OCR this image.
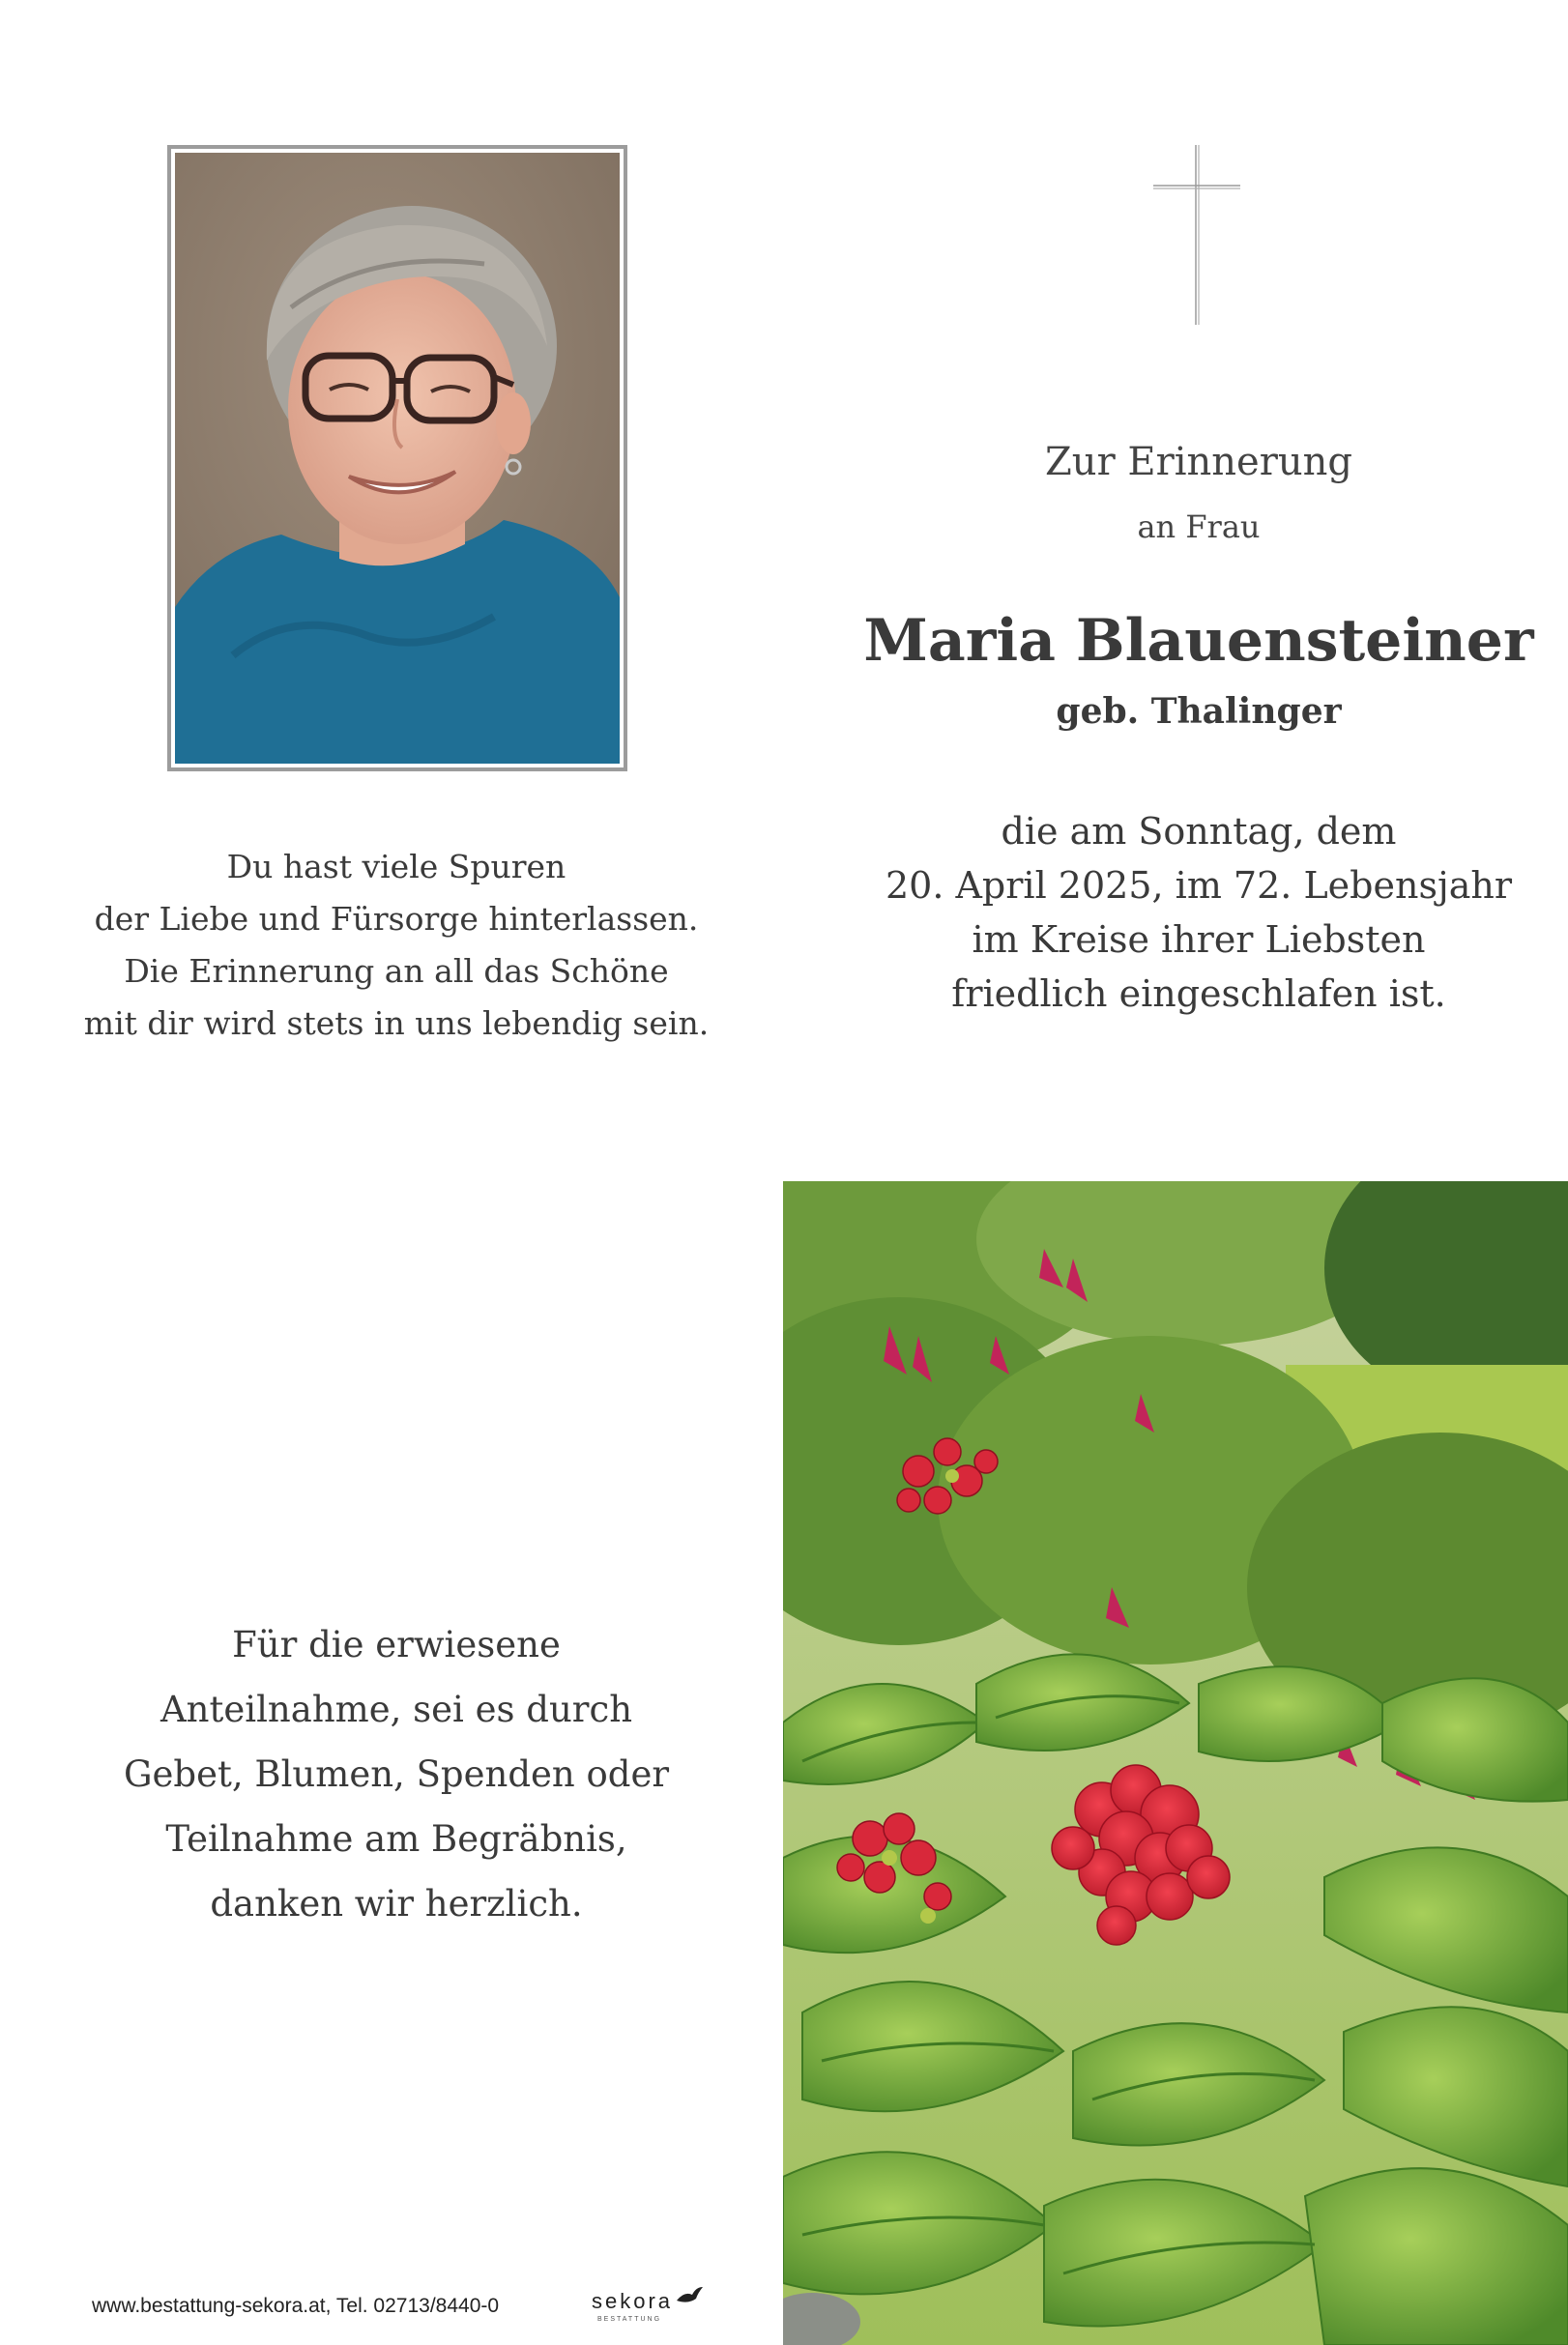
Zur Erinnerung
an Frau
Maria Blauensteiner
geb. Thalinger
die am Sonntag, dem
20. April 2025, im 72. Lebensjahr
im Kreise ihrer Liebsten
friedlich eingeschlafen ist.
Du hast viele Spuren
der Liebe und Fürsorge hinterlassen.
Die Erinnerung an all das Schöne
mit dir wird stets in uns lebendig sein.
Für die erwiesene
Anteilnahme, sei es durch
Gebet, Blumen, Spenden oder
Teilnahme am Begräbnis,
danken wir herzlich.
www.bestattung-sekora.at, Tel. 02713/8440-0	sekora
BESTATTUNG
